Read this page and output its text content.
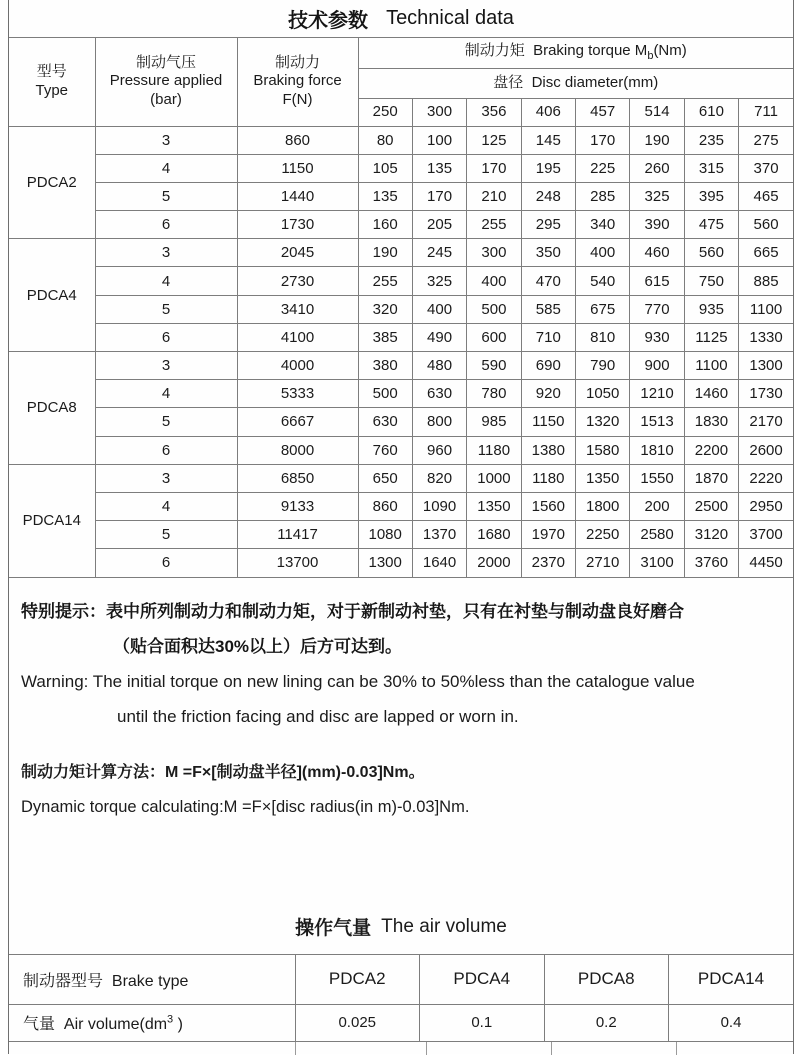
技术参数 Technical data
型号
Type	制动气压
Pressure applied
(bar)	制动力
Braking force
F(N)	制动力矩 Braking torque $M_b(Nm)$							
			盘径 Disc diameter(mm)							
			250	300	356	406	457	514	610	711
PDCA2	3	860	80	100	125	145	170	190	235	275
	4	1150	105	135	170	195	225	260	315	370
	5	1440	135	170	210	248	285	325	395	465
	6	1730	160	205	255	295	340	390	475	560
PDCA4	3	2045	190	245	300	350	400	460	560	665
	4	2730	255	325	400	470	540	615	750	885
	5	3410	320	400	500	585	675	770	935	1100
	6	4100	385	490	600	710	810	930	1125	1330
PDCA8	3	4000	380	480	590	690	790	900	1100	1300
	4	5333	500	630	780	920	1050	1210	1460	1730
	5	6667	630	800	985	1150	1320	1513	1830	2170
	6	8000	760	960	1180	1380	1580	1810	2200	2600
PDCA14	3	6850	650	820	1000	1180	1350	1550	1870	2220
	4	9133	860	1090	1350	1560	1800	200	2500	2950
	5	11417	1080	1370	1680	1970	2250	2580	3120	3700
	6	13700	1300	1640	2000	2370	2710	3100	3760	4450

特别提示：表中所列制动力和制动力矩，对于新制动衬垫，只有在衬垫与制动盘良好磨合

（贴合面积达30%以上）后方可达到。

Warning: The initial torque on new lining can be 30% to 50%less than the catalogue value

until the friction facing and disc are lapped or worn in.

制动力矩计算方法：M =F×[制动盘半径](mm)-0.03]Nm。

Dynamic torque calculating:M =F×[disc radius(in m)-0.03]Nm.

操作气量 The air volume
制动器型号 Brake type	PDCA2	PDCA4	PDCA8	PDCA14
气量 Air $volume(dm^3$ )	0.025	0.1	0.2	0.4
